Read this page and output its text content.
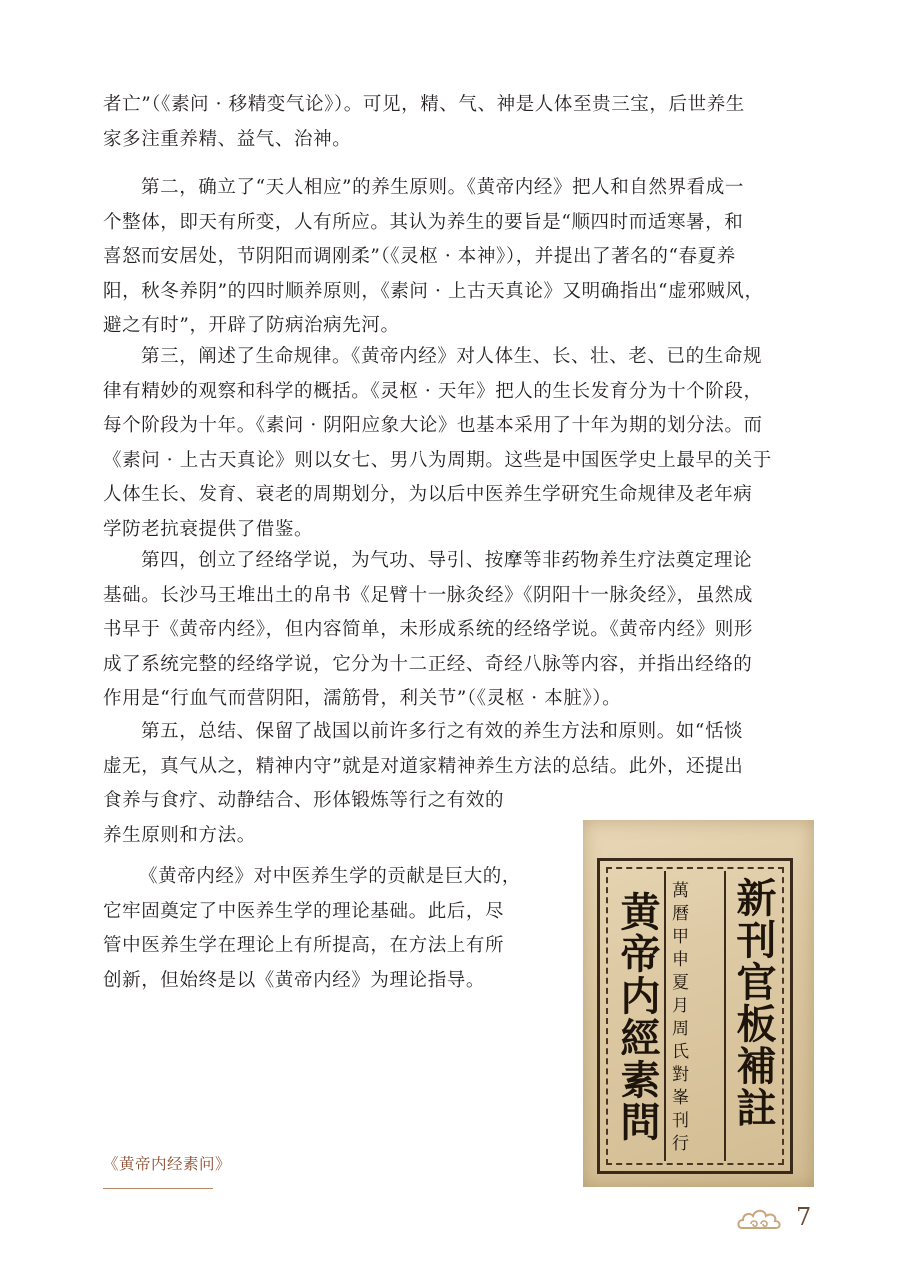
者亡”（《素问 · 移精变气论》）。可见，精、气、神是人体至贵三宝，后世养生
家多注重养精、益气、治神。
第二，确立了“天人相应”的养生原则。《黄帝内经》把人和自然界看成一
个整体，即天有所变，人有所应。其认为养生的要旨是“顺四时而适寒暑，和
喜怒而安居处，节阴阳而调刚柔”（《灵枢 · 本神》），并提出了著名的“春夏养
阳，秋冬养阴”的四时顺养原则，《素问 · 上古天真论》又明确指出“虚邪贼风，
避之有时”，开辟了防病治病先河。
第三，阐述了生命规律。《黄帝内经》对人体生、长、壮、老、已的生命规
律有精妙的观察和科学的概括。《灵枢 · 天年》把人的生长发育分为十个阶段，
每个阶段为十年。《素问 · 阴阳应象大论》也基本采用了十年为期的划分法。而
《素问 · 上古天真论》则以女七、男八为周期。这些是中国医学史上最早的关于
人体生长、发育、衰老的周期划分，为以后中医养生学研究生命规律及老年病
学防老抗衰提供了借鉴。
第四，创立了经络学说，为气功、导引、按摩等非药物养生疗法奠定理论
基础。长沙马王堆出土的帛书《足臂十一脉灸经》《阴阳十一脉灸经》，虽然成
书早于《黄帝内经》，但内容简单，未形成系统的经络学说。《黄帝内经》则形
成了系统完整的经络学说，它分为十二正经、奇经八脉等内容，并指出经络的
作用是“行血气而营阴阳，濡筋骨，利关节”（《灵枢 · 本脏》）。
第五，总结、保留了战国以前许多行之有效的养生方法和原则。如“恬惔
虚无，真气从之，精神内守”就是对道家精神养生方法的总结。此外，还提出
食养与食疗、动静结合、形体锻炼等行之有效的
养生原则和方法。
《黄帝内经》对中医养生学的贡献是巨大的，
它牢固奠定了中医养生学的理论基础。此后，尽
管中医养生学在理论上有所提高，在方法上有所
创新，但始终是以《黄帝内经》为理论指导。	新刊官板補註
萬曆甲申夏月周氏對峯刊行
黄帝内經素問
《黄帝内经素问》
7
